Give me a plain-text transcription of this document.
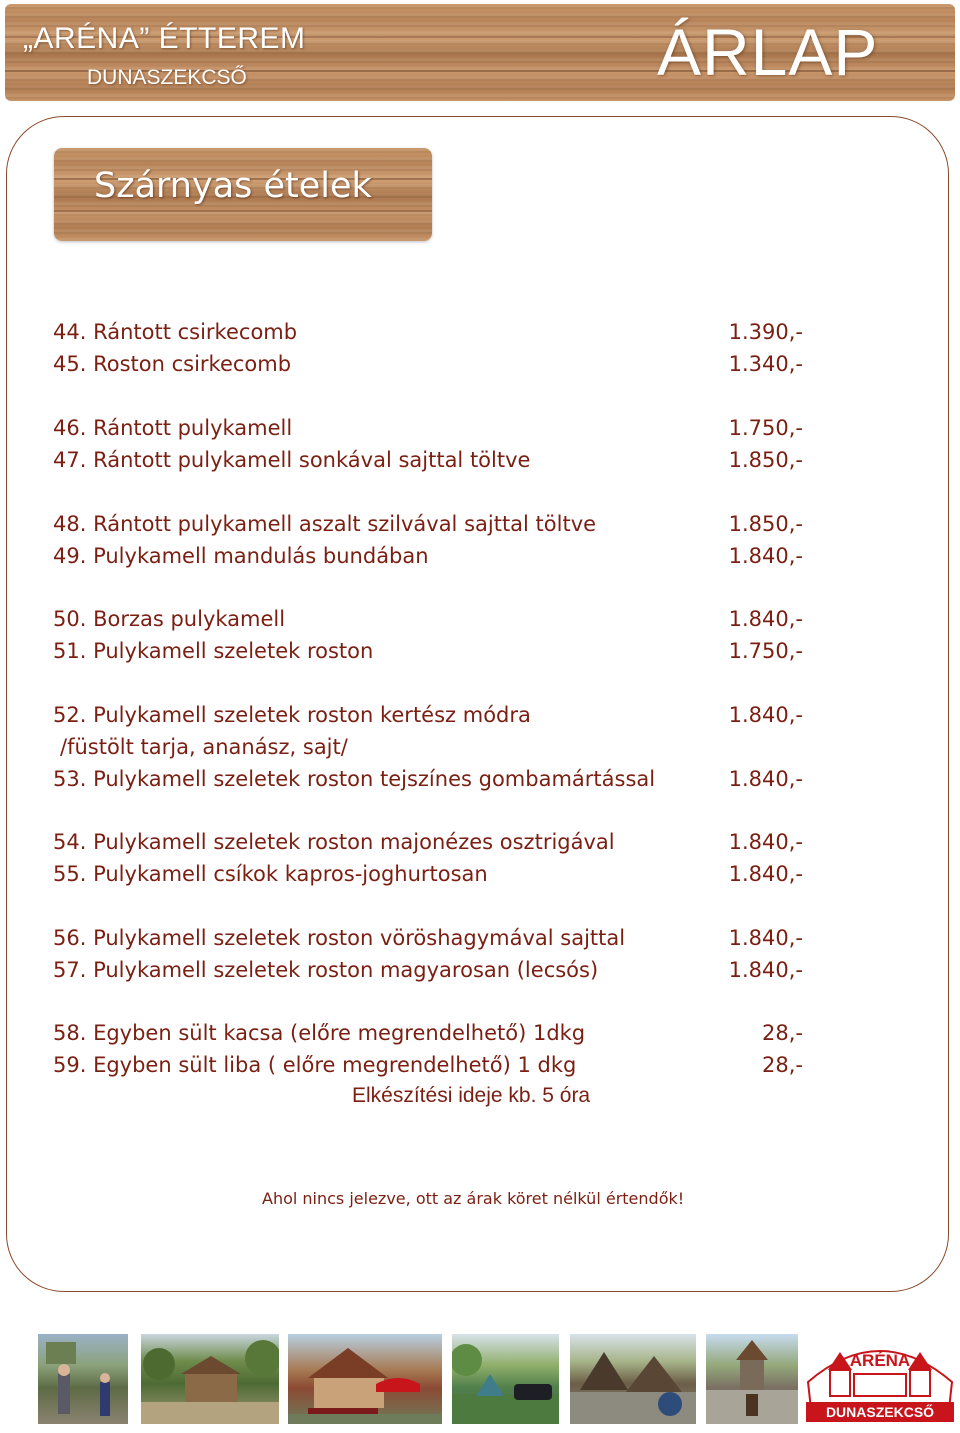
„ARÉNA” ÉTTEREM
DUNASZEKCSŐ	ÁRLAP
Szárnyas ételek
44. Rántott csirkecomb	1.390,-
45. Roston csirkecomb	1.340,-
46. Rántott pulykamell	1.750,-
47. Rántott pulykamell sonkával sajttal töltve	1.850,-
48. Rántott pulykamell aszalt szilvával sajttal töltve	1.850,-
49. Pulykamell mandulás bundában	1.840,-
50. Borzas pulykamell	1.840,-
51. Pulykamell szeletek roston	1.750,-
52. Pulykamell szeletek roston kertész módra	1.840,-
/füstölt tarja, ananász, sajt/
53. Pulykamell szeletek roston tejszínes gombamártással	1.840,-
54. Pulykamell szeletek roston majonézes osztrigával	1.840,-
55. Pulykamell csíkok kapros-joghurtosan	1.840,-
56. Pulykamell szeletek roston vöröshagymával sajttal	1.840,-
57. Pulykamell szeletek roston magyarosan (lecsós)	1.840,-
58. Egyben sült kacsa (előre megrendelhető) 1dkg	28,-
59. Egyben sült liba ( előre megrendelhető) 1 dkg	28,-
Elkészítési ideje kb. 5 óra
Ahol nincs jelezve, ott az árak köret nélkül értendők!
ARÉNA
DUNASZEKCSŐ
